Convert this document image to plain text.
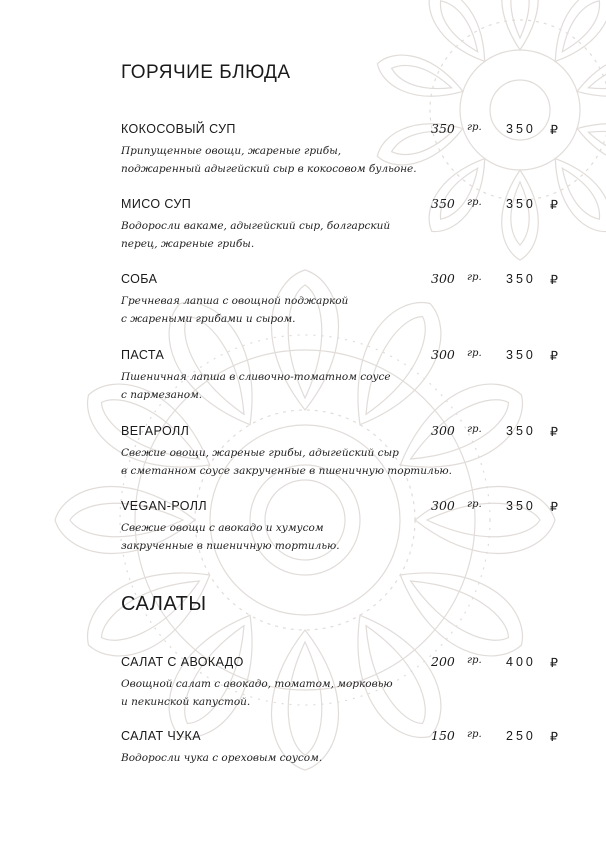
ГОРЯЧИЕ БЛЮДА
КОКОСОВЫЙ СУП	350 гр. 350 ₽
Припущенные овощи, жареные грибы,
поджаренный адыгейский сыр в кокосовом бульоне.
МИСО СУП	350 гр. 350 ₽
Водоросли вакаме, адыгейский сыр, болгарский
перец, жареные грибы.
СОБА	300 гр. 350 ₽
Гречневая лапша с овощной поджаркой
с жареными грибами и сыром.
ПАСТА	300 гр. 350 ₽
Пшеничная лапша в сливочно-томатном соусе
с пармезаном.
ВЕГАРОЛЛ	300 гр. 350 ₽
Свежие овощи, жареные грибы, адыгейский сыр
в сметанном соусе закрученные в пшеничную тортилью.
VEGAN-РОЛЛ	300 гр. 350 ₽
Свежие овощи с авокадо и хумусом
закрученные в пшеничную тортилью.
САЛАТЫ
САЛАТ С АВОКАДО	200 гр. 400 ₽
Овощной салат с авокадо, томатом, морковью
и пекинской капустой.
САЛАТ ЧУКА	150 гр. 250 ₽
Водоросли чука с ореховым соусом.
